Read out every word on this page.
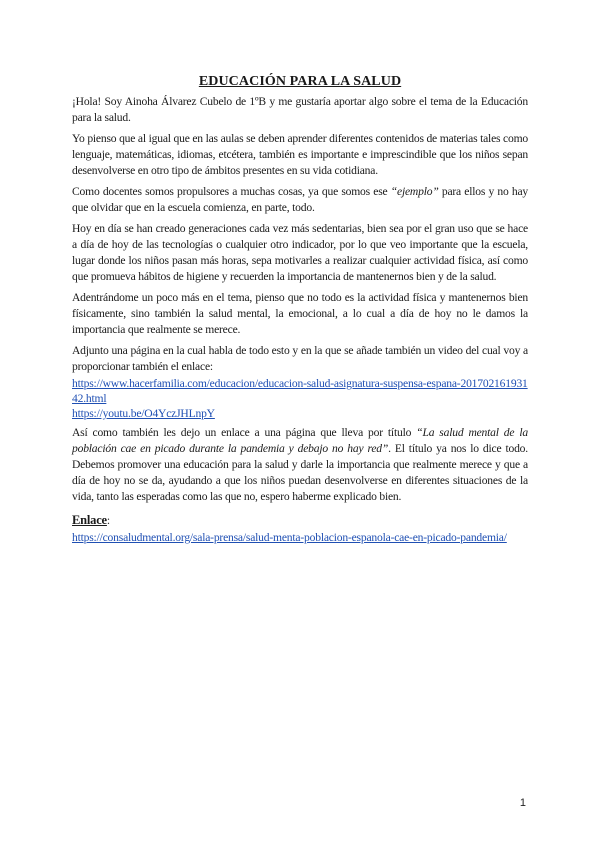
EDUCACIÓN PARA LA SALUD

¡Hola! Soy Ainoha Álvarez Cubelo de 1ºB y me gustaría aportar algo sobre el tema de la Educación para la salud.

Yo pienso que al igual que en las aulas se deben aprender diferentes contenidos de materias tales como lenguaje, matemáticas, idiomas, etcétera, también es importante e imprescindible que los niños sepan desenvolverse en otro tipo de ámbitos presentes en su vida cotidiana.

Como docentes somos propulsores a muchas cosas, ya que somos ese “ejemplo” para ellos y no hay que olvidar que en la escuela comienza, en parte, todo.

Hoy en día se han creado generaciones cada vez más sedentarias, bien sea por el gran uso que se hace a día de hoy de las tecnologías o cualquier otro indicador, por lo que veo importante que la escuela, lugar donde los niños pasan más horas, sepa motivarles a realizar cualquier actividad física, así como que promueva hábitos de higiene y recuerden la importancia de mantenernos bien y de la salud.

Adentrándome un poco más en el tema, pienso que no todo es la actividad física y mantenernos bien físicamente, sino también la salud mental, la emocional, a lo cual a día de hoy no le damos la importancia que realmente se merece.

Adjunto una página en la cual habla de todo esto y en la que se añade también un video del cual voy a proporcionar también el enlace:

https://www.hacerfamilia.com/educacion/educacion-salud-asignatura-suspensa-espana-20170216193142.html
https://youtu.be/O4YczJHLnpY

Así como también les dejo un enlace a una página que lleva por título “La salud mental de la población cae en picado durante la pandemia y debajo no hay red”. El título ya nos lo dice todo. Debemos promover una educación para la salud y darle la importancia que realmente merece y que a día de hoy no se da, ayudando a que los niños puedan desenvolverse en diferentes situaciones de la vida, tanto las esperadas como las que no, espero haberme explicado bien.

Enlace:

https://consaludmental.org/sala-prensa/salud-menta-poblacion-espanola-cae-en-picado-pandemia/
1
